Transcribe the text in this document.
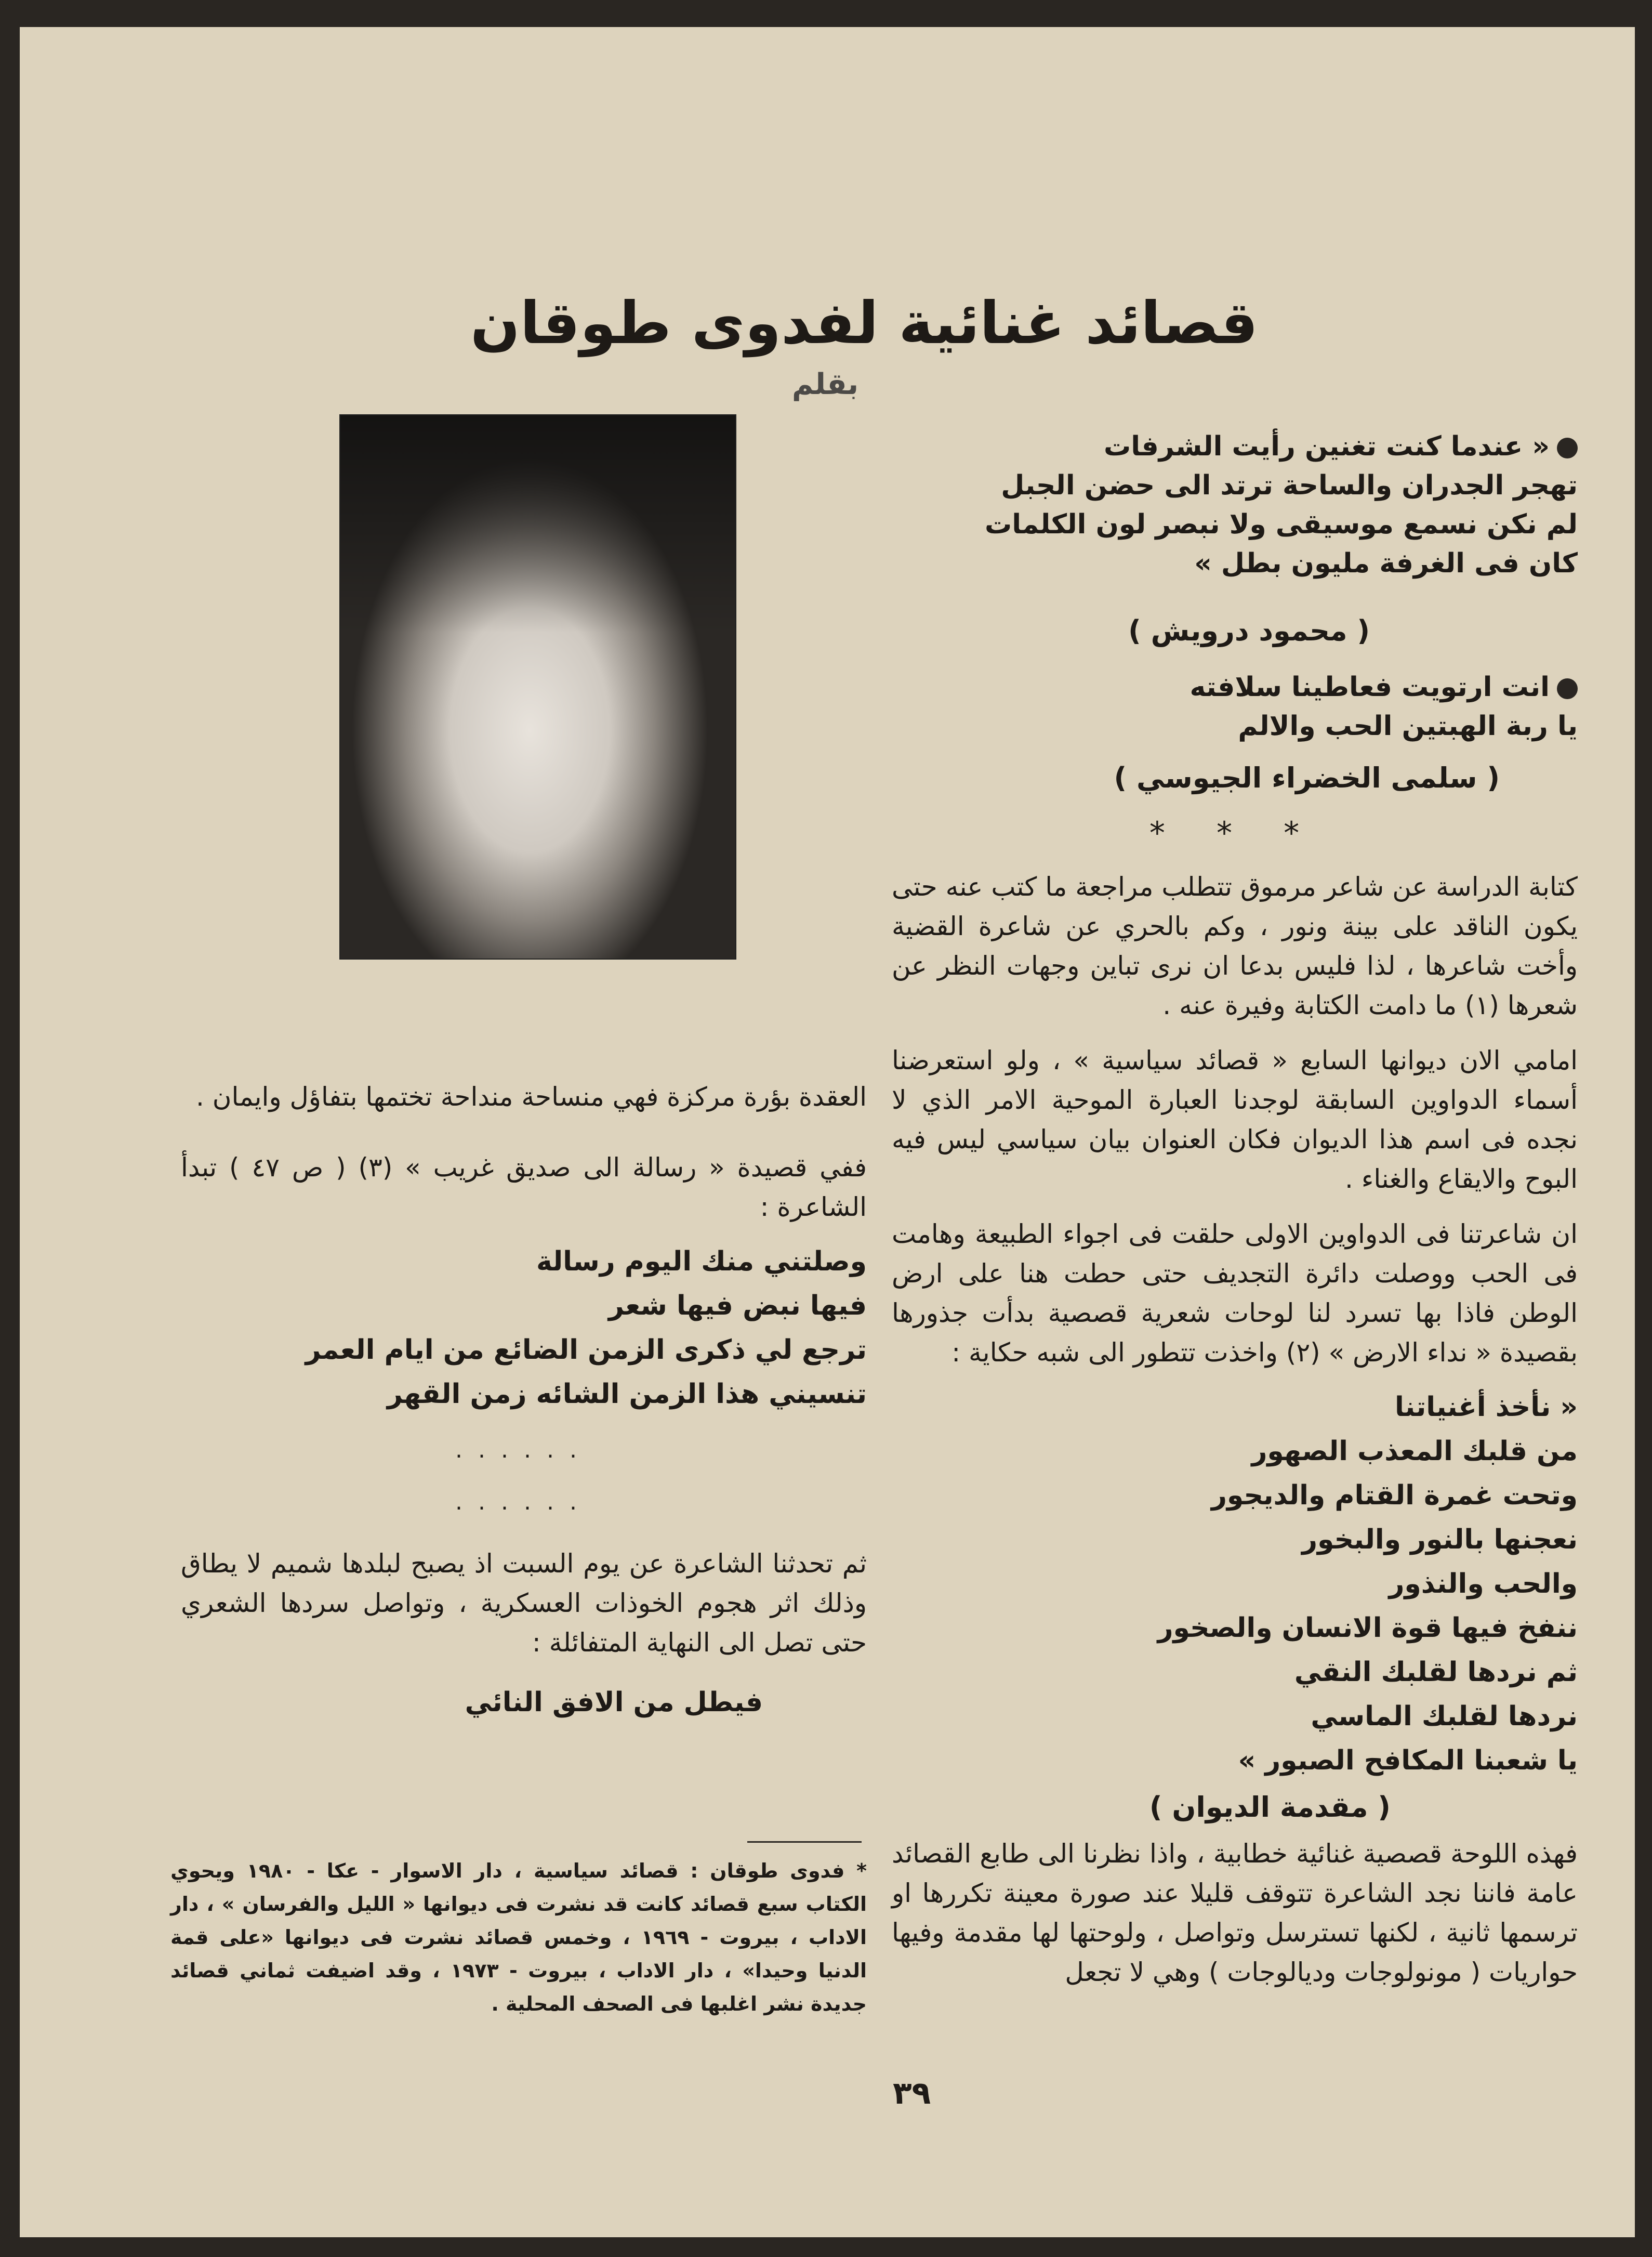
قصائد غنائية لفدوى طوقان
بقلم

« عندما كنت تغنين رأيت الشرفات

تهجر الجدران والساحة ترتد الى حضن الجبل

لم نكن نسمع موسيقى ولا نبصر لون الكلمات

كان فى الغرفة مليون بطل »

( محمود درويش )

انت ارتويت فعاطينا سلافته

يا ربة الهبتين الحب والالم

( سلمى الخضراء الجيوسي )
* * *

كتابة الدراسة عن شاعر مرموق تتطلب مراجعة ما كتب عنه حتى يكون الناقد على بينة ونور ، وكم بالحري عن شاعرة القضية وأخت شاعرها ، لذا فليس بدعا ان نرى تباين وجهات النظر عن شعرها (١) ما دامت الكتابة وفيرة عنه .

امامي الان ديوانها السابع « قصائد سياسية » ، ولو استعرضنا أسماء الدواوين السابقة لوجدنا العبارة الموحية الامر الذي لا نجده فى اسم هذا الديوان فكان العنوان بيان سياسي ليس فيه البوح والايقاع والغناء .

ان شاعرتنا فى الدواوين الاولى حلقت فى اجواء الطبيعة وهامت فى الحب ووصلت دائرة التجديف حتى حطت هنا على ارض الوطن فاذا بها تسرد لنا لوحات شعرية قصصية بدأت جذورها بقصيدة « نداء الارض » (٢) واخذت تتطور الى شبه حكاية :

« نأخذ أغنياتنا

من قلبك المعذب الصهور

وتحت غمرة القتام والديجور

نعجنها بالنور والبخور

والحب والنذور

ننفخ فيها قوة الانسان والصخور

ثم نردها لقلبك النقي

نردها لقلبك الماسي

يا شعبنا المكافح الصبور »

( مقدمة الديوان )

فهذه اللوحة قصصية غنائية خطابية ، واذا نظرنا الى طابع القصائد عامة فاننا نجد الشاعرة تتوقف قليلا عند صورة معينة تكررها او ترسمها ثانية ، لكنها تسترسل وتواصل ، ولوحتها لها مقدمة وفيها حواريات ( مونولوجات وديالوجات ) وهي لا تجعل

العقدة بؤرة مركزة فهي منساحة منداحة تختمها بتفاؤل وايمان .

ففي قصيدة « رسالة الى صديق غريب » (٣) ( ص ٤٧ ) تبدأ الشاعرة :

وصلتني منك اليوم رسالة

فيها نبض فيها شعر

ترجع لي ذكرى الزمن الضائع من ايام العمر

تنسيني هذا الزمن الشائه زمن القهر

......
......

ثم تحدثنا الشاعرة عن يوم السبت اذ يصبح لبلدها شميم لا يطاق وذلك اثر هجوم الخوذات العسكرية ، وتواصل سردها الشعري حتى تصل الى النهاية المتفائلة :

فيطل من الافق النائي

* فدوى طوقان : قصائد سياسية ، دار الاسوار - عكا - ١٩٨٠ ويحوي الكتاب سبع قصائد كانت قد نشرت فى ديوانها « الليل والفرسان » ، دار الاداب ، بيروت - ١٩٦٩ ، وخمس قصائد نشرت فى ديوانها «على قمة الدنيا وحيدا» ، دار الاداب ، بيروت - ١٩٧٣ ، وقد اضيفت ثماني قصائد جديدة نشر اغلبها فى الصحف المحلية .

٣٩
